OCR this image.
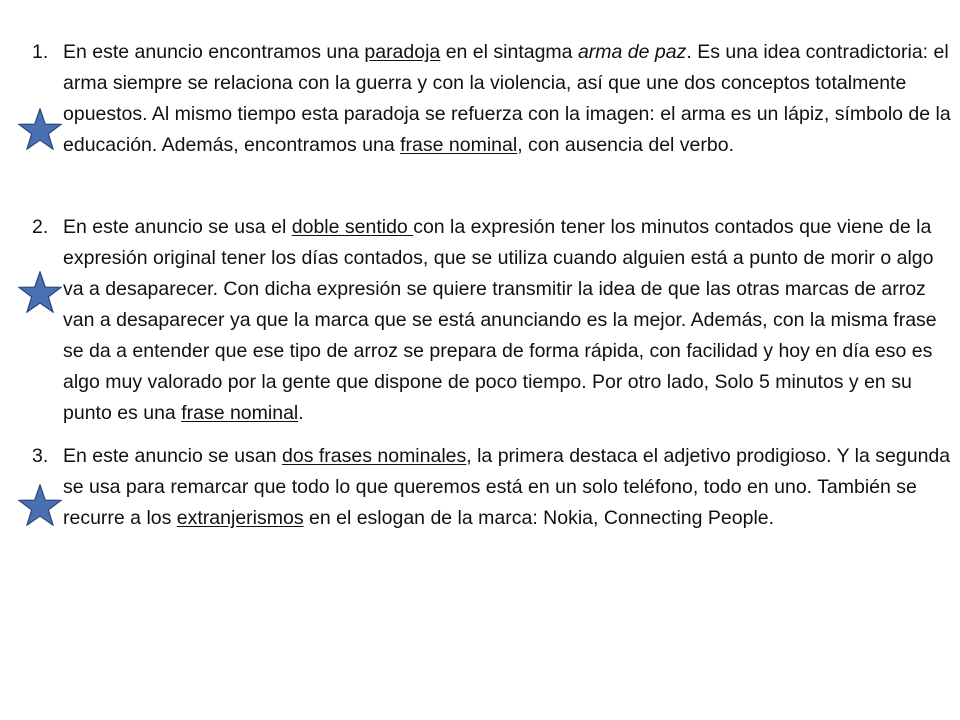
1. En este anuncio encontramos una paradoja en el sintagma arma de paz. Es una idea contradictoria: el arma siempre se relaciona con la guerra y con la violencia, así que une dos conceptos totalmente opuestos. Al mismo tiempo esta paradoja se refuerza con la imagen: el arma es un lápiz, símbolo de la educación. Además, encontramos una frase nominal, con ausencia del verbo.

2. En este anuncio se usa el doble sentido con la expresión tener los minutos contados que viene de la expresión original tener los días contados, que se utiliza cuando alguien está a punto de morir o algo va a desaparecer. Con dicha expresión se quiere transmitir la idea de que las otras marcas de arroz van a desaparecer ya que la marca que se está anunciando es la mejor. Además, con la misma frase se da a entender que ese tipo de arroz se prepara de forma rápida, con facilidad y hoy en día eso es algo muy valorado por la gente que dispone de poco tiempo. Por otro lado, Solo 5 minutos y en su punto es una frase nominal.

3. En este anuncio se usan dos frases nominales, la primera destaca el adjetivo prodigioso. Y la segunda se usa para remarcar que todo lo que queremos está en un solo teléfono, todo en uno. También se recurre a los extranjerismos en el eslogan de la marca: Nokia, Connecting People.
